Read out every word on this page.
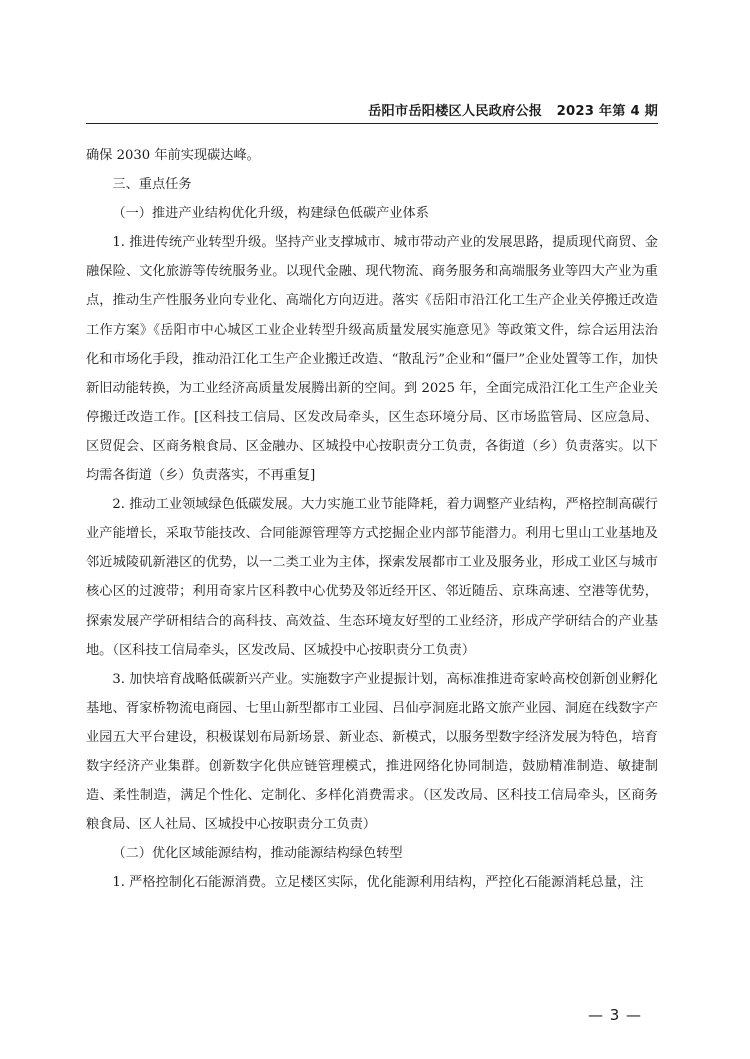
岳阳市岳阳楼区人民政府公报 2023 年第 4 期

确保 2030 年前实现碳达峰。

三、重点任务

（一）推进产业结构优化升级，构建绿色低碳产业体系

1. 推进传统产业转型升级。坚持产业支撑城市、城市带动产业的发展思路，提质现代商贸、金融保险、文化旅游等传统服务业。以现代金融、现代物流、商务服务和高端服务业等四大产业为重点，推动生产性服务业向专业化、高端化方向迈进。落实《岳阳市沿江化工生产企业关停搬迁改造工作方案》《岳阳市中心城区工业企业转型升级高质量发展实施意见》等政策文件，综合运用法治化和市场化手段，推动沿江化工生产企业搬迁改造、“散乱污”企业和“僵尸”企业处置等工作，加快新旧动能转换，为工业经济高质量发展腾出新的空间。到 2025 年，全面完成沿江化工生产企业关停搬迁改造工作。[区科技工信局、区发改局牵头，区生态环境分局、区市场监管局、区应急局、区贸促会、区商务粮食局、区金融办、区城投中心按职责分工负责，各街道（乡）负责落实。以下均需各街道（乡）负责落实，不再重复]

2. 推动工业领域绿色低碳发展。大力实施工业节能降耗，着力调整产业结构，严格控制高碳行业产能增长，采取节能技改、合同能源管理等方式挖掘企业内部节能潜力。利用七里山工业基地及邻近城陵矶新港区的优势，以一二类工业为主体，探索发展都市工业及服务业，形成工业区与城市核心区的过渡带；利用奇家片区科教中心优势及邻近经开区、邻近随岳、京珠高速、空港等优势，探索发展产学研相结合的高科技、高效益、生态环境友好型的工业经济，形成产学研结合的产业基地。（区科技工信局牵头，区发改局、区城投中心按职责分工负责）

3. 加快培育战略低碳新兴产业。实施数字产业提振计划，高标准推进奇家岭高校创新创业孵化基地、胥家桥物流电商园、七里山新型都市工业园、吕仙亭洞庭北路文旅产业园、洞庭在线数字产业园五大平台建设，积极谋划布局新场景、新业态、新模式，以服务型数字经济发展为特色，培育数字经济产业集群。创新数字化供应链管理模式，推进网络化协同制造，鼓励精准制造、敏捷制造、柔性制造，满足个性化、定制化、多样化消费需求。（区发改局、区科技工信局牵头，区商务粮食局、区人社局、区城投中心按职责分工负责）

（二）优化区域能源结构，推动能源结构绿色转型

1. 严格控制化石能源消费。立足楼区实际，优化能源利用结构，严控化石能源消耗总量，注

— 3 —
